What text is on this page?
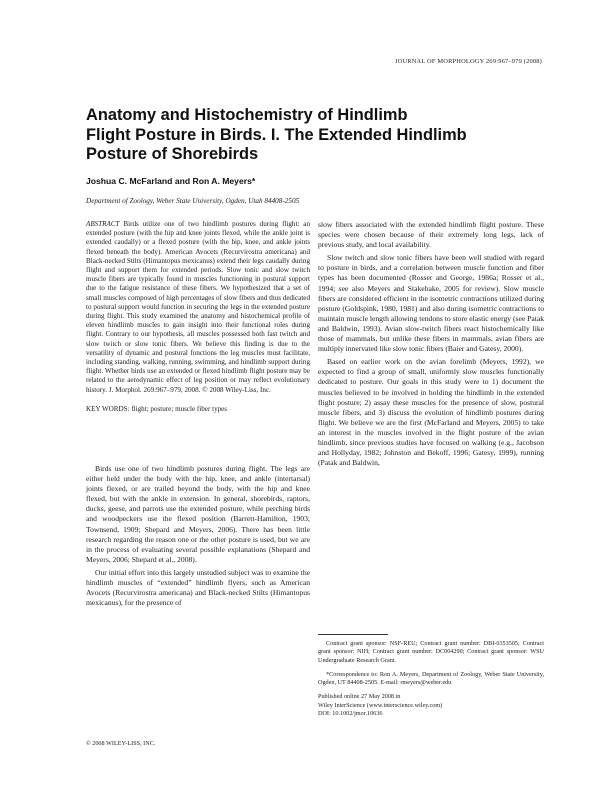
JOURNAL OF MORPHOLOGY 269:967–979 (2008)
Anatomy and Histochemistry of Hindlimb
Flight Posture in Birds. I. The Extended Hindlimb
Posture of Shorebirds
Joshua C. McFarland and Ron A. Meyers*
Department of Zoology, Weber State University, Ogden, Utah 84408-2505
ABSTRACT Birds utilize one of two hindlimb postures during flight: an extended posture (with the hip and knee joints flexed, while the ankle joint is extended caudally) or a flexed posture (with the hip, knee, and ankle joints flexed beneath the body). American Avocets (Recurvirostra americana) and Black-necked Stilts (Himantopus mexicanus) extend their legs caudally during flight and support them for extended periods. Slow tonic and slow twitch muscle fibers are typically found in muscles functioning in postural support due to the fatigue resistance of these fibers. We hypothesized that a set of small muscles composed of high percentages of slow fibers and thus dedicated to postural support would function in securing the legs in the extended posture during flight. This study examined the anatomy and histochemical profile of eleven hindlimb muscles to gain insight into their functional roles during flight. Contrary to our hypothesis, all muscles possessed both fast twitch and slow twitch or slow tonic fibers. We believe this finding is due to the versatility of dynamic and postural functions the leg muscles must facilitate, including standing, walking, running, swimming, and hindlimb support during flight. Whether birds use an extended or flexed hindlimb flight posture may be related to the aerodynamic effect of leg position or may reflect evolutionary history. J. Morphol. 269:967–979, 2008. © 2008 Wiley-Liss, Inc.
KEY WORDS: flight; posture; muscle fiber types

Birds use one of two hindlimb postures during flight. The legs are either held under the body with the hip, knee, and ankle (intertarsal) joints flexed, or are trailed beyond the body, with the hip and knee flexed, but with the ankle in extension. In general, shorebirds, raptors, ducks, geese, and parrots use the extended posture, while perching birds and woodpeckers use the flexed position (Barrett-Hamilton, 1903; Townsend, 1909; Shepard and Meyers, 2006). There has been little research regarding the reason one or the other posture is used, but we are in the process of evaluating several possible explanations (Shepard and Meyers, 2006; Shepard et al., 2008).

Our initial effort into this largely unstudied subject was to examine the hindlimb muscles of “extended” hindlimb flyers, such as American Avocets (Recurvirostra americana) and Black-necked Stilts (Himantopus mexicanus), for the presence of

slow fibers associated with the extended hindlimb flight posture. These species were chosen because of their extremely long legs, lack of previous study, and local availability.

Slow twitch and slow tonic fibers have been well studied with regard to posture in birds, and a correlation between muscle function and fiber types has been documented (Rosser and George, 1986a; Rosser et al., 1994; see also Meyers and Stakebake, 2005 for review). Slow muscle fibers are considered efficient in the isometric contractions utilized during posture (Goldspink, 1980, 1981) and also during isometric contractions to maintain muscle length allowing tendons to store elastic energy (see Patak and Baldwin, 1993). Avian slow-twitch fibers react histochemically like those of mammals, but unlike these fibers in mammals, avian fibers are multiply innervated like slow tonic fibers (Baier and Gatesy, 2000).

Based on earlier work on the avian forelimb (Meyers, 1992), we expected to find a group of small, uniformly slow muscles functionally dedicated to posture. Our goals in this study were to 1) document the muscles believed to be involved in holding the hindlimb in the extended flight posture; 2) assay these muscles for the presence of slow, postural muscle fibers, and 3) discuss the evolution of hindlimb postures during flight. We believe we are the first (McFarland and Meyers, 2005) to take an interest in the muscles involved in the flight posture of the avian hindlimb, since previous studies have focused on walking (e.g., Jacobson and Hollyday, 1982; Johnston and Bekoff, 1996; Gatesy, 1999), running (Patak and Baldwin,

Contract grant sponsor: NSF-REU; Contract grant number: DBI-0353505; Contract grant sponsor: NIH; Contract grant number: DC004290; Contract grant sponsor: WSU Undergraduate Research Grant.

*Correspondence to: Ron A. Meyers, Department of Zoology, Weber State University, Ogden, UT 84408-2505. E-mail: rmeyers@weber.edu

Published online 27 May 2008 in
Wiley InterScience (www.interscience.wiley.com)
DOI: 10.1002/jmor.10636

© 2008 WILEY-LISS, INC.
